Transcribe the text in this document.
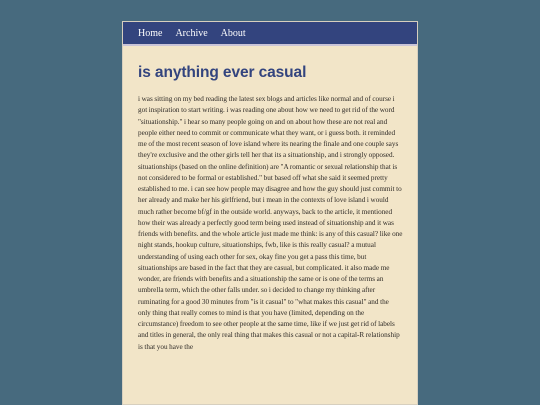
Home Archive About
is anything ever casual

i was sitting on my bed reading the latest sex blogs and articles like normal and of course i got inspiration to start writing. i was reading one about how we need to get rid of the word "situationship." i hear so many people going on and on about how these are not real and people either need to commit or communicate what they want, or i guess both. it reminded me of the most recent season of love island where its nearing the finale and one couple says they're exclusive and the other girls tell her that its a situationship, and i strongly opposed. situationships (based on the online definition) are "A romantic or sexual relationship that is not considered to be formal or established." but based off what she said it seemed pretty established to me. i can see how people may disagree and how the guy should just commit to her already and make her his girlfriend, but i mean in the contexts of love island i would much rather become bf/gf in the outside world. anyways, back to the article, it mentioned how their was already a perfectly good term being used instead of situationship and it was friends with benefits. and the whole article just made me think: is any of this casual? like one night stands, hookup culture, situationships, fwb, like is this really casual? a mutual understanding of using each other for sex, okay fine you get a pass this time, but situationships are based in the fact that they are casual, but complicated. it also made me wonder, are friends with benefits and a situationship the same or is one of the terms an umbrella term, which the other falls under. so i decided to change my thinking after ruminating for a good 30 minutes from "is it casual" to "what makes this casual" and the only thing that really comes to mind is that you have (limited, depending on the circumstance) freedom to see other people at the same time, like if we just get rid of labels and titles in general, the only real thing that makes this casual or not a capital-R relationship is that you have the
